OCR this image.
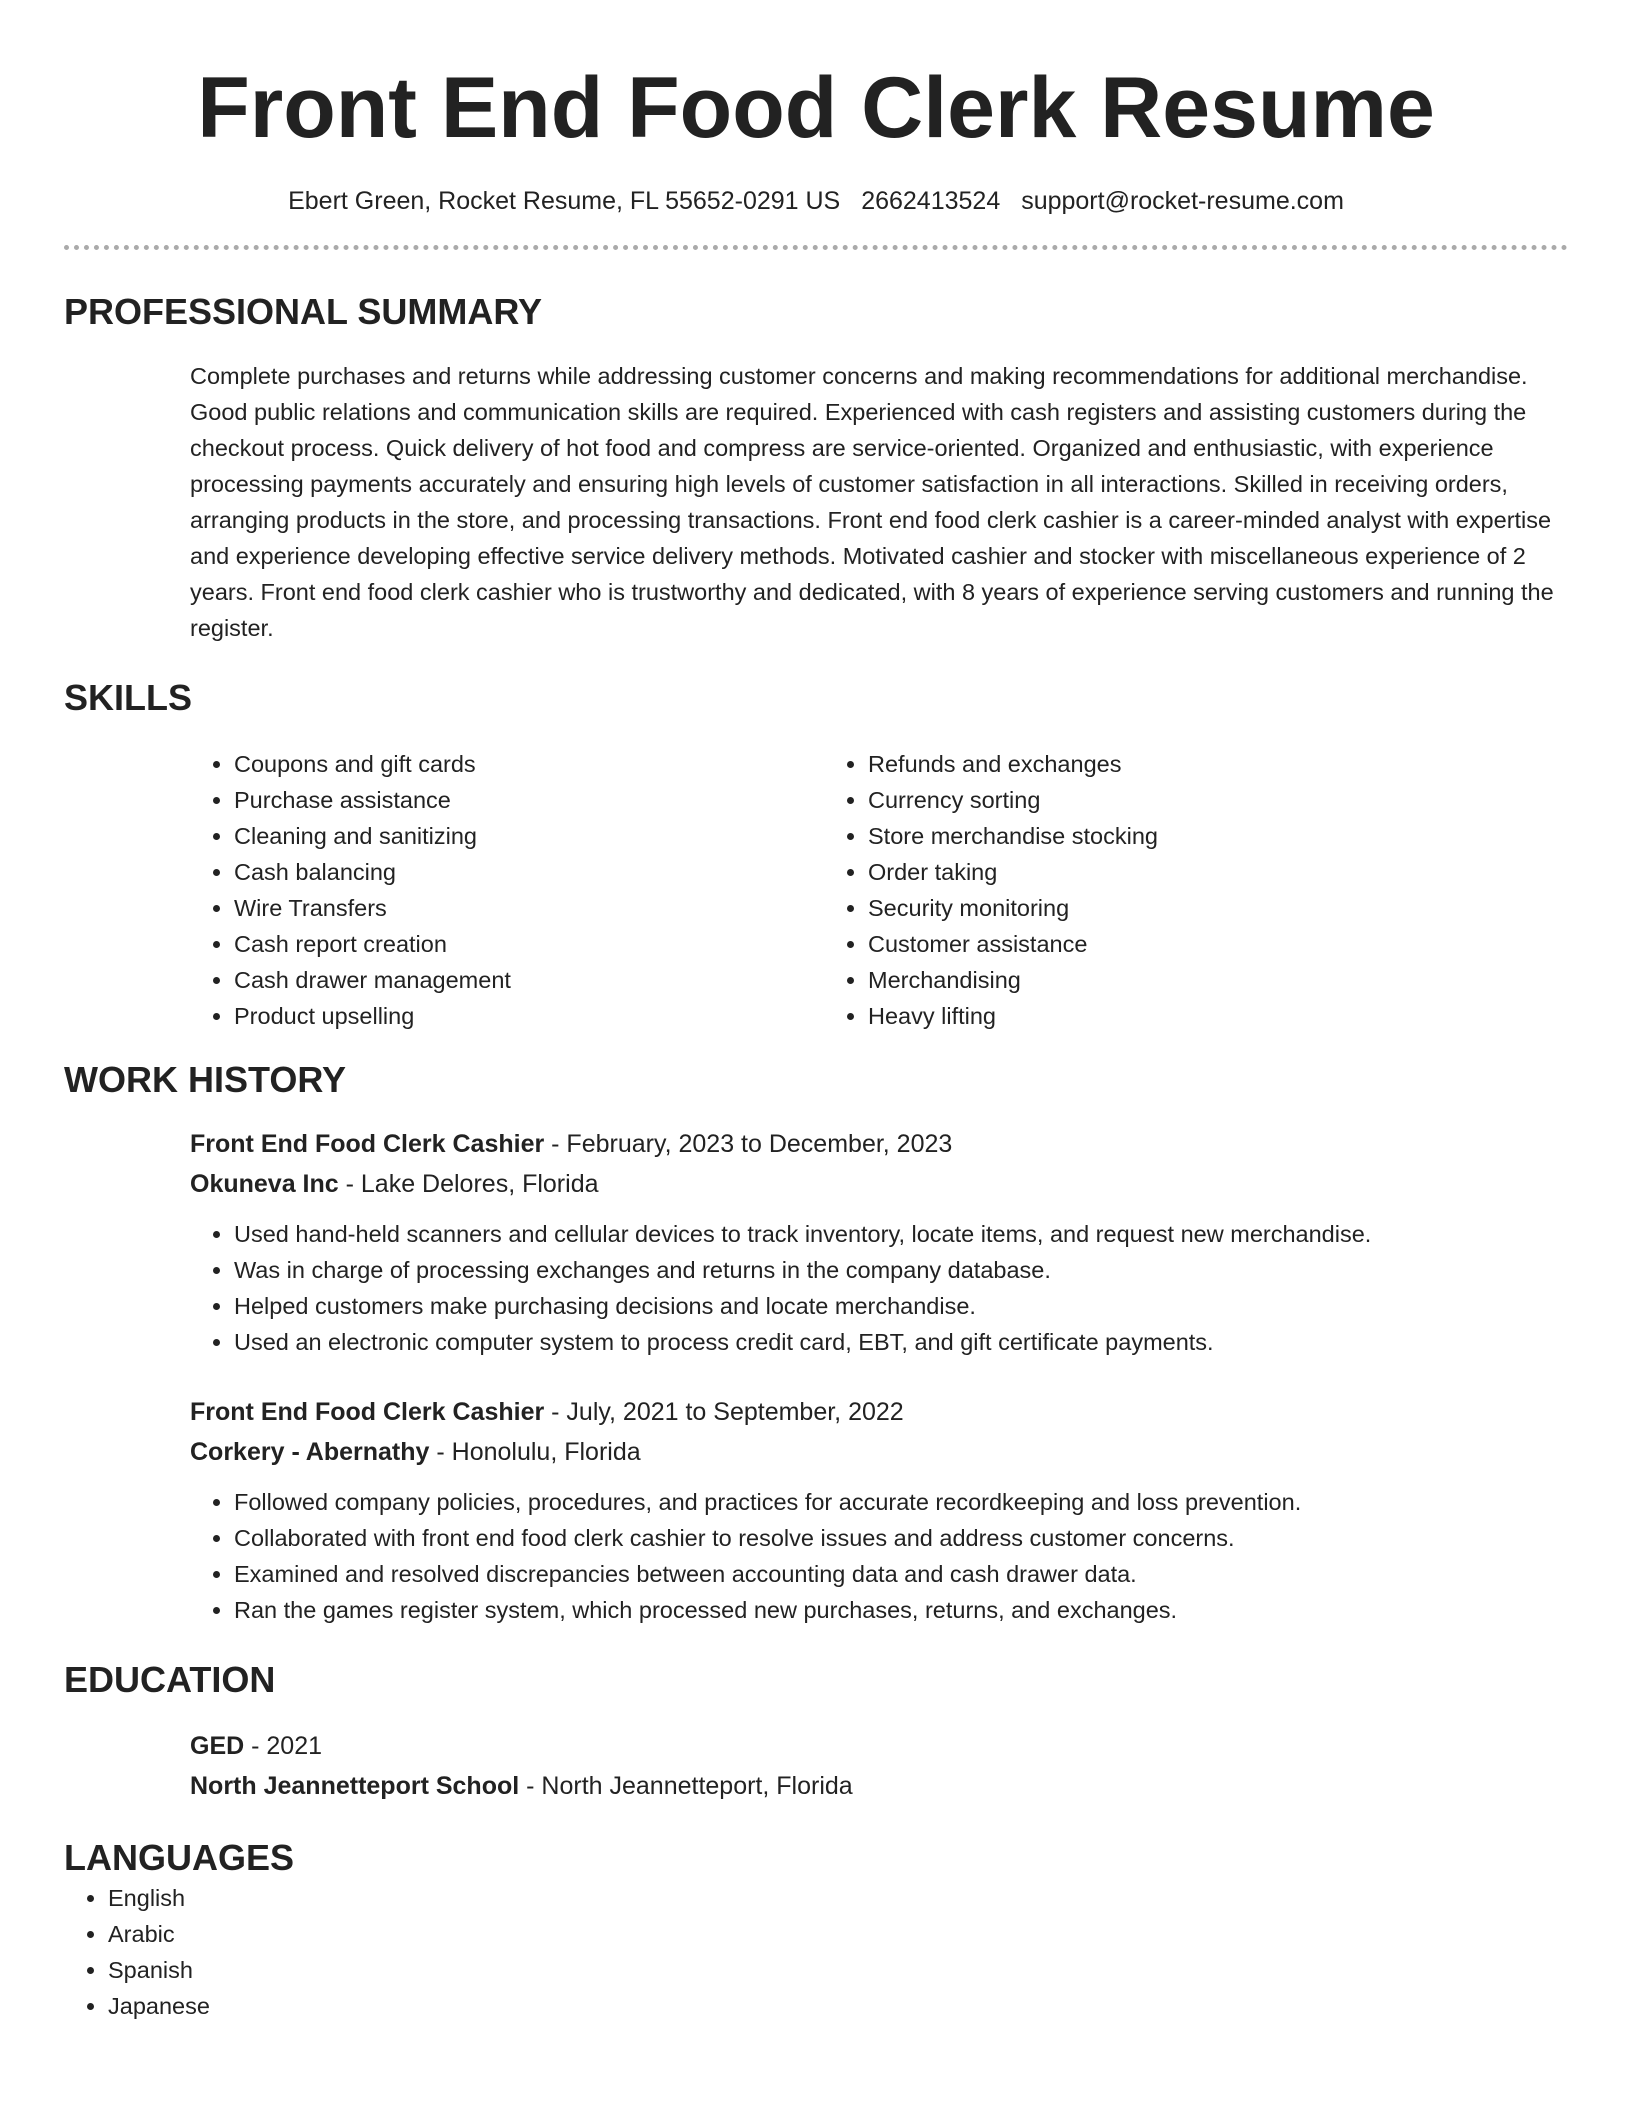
Front End Food Clerk Resume
Ebert Green, Rocket Resume, FL 55652-0291 US 2662413524 support@rocket-resume.com
PROFESSIONAL SUMMARY

Complete purchases and returns while addressing customer concerns and making recommendations for additional merchandise. Good public relations and communication skills are required. Experienced with cash registers and assisting customers during the checkout process. Quick delivery of hot food and compress are service-oriented. Organized and enthusiastic, with experience processing payments accurately and ensuring high levels of customer satisfaction in all interactions. Skilled in receiving orders, arranging products in the store, and processing transactions. Front end food clerk cashier is a career-minded analyst with expertise and experience developing effective service delivery methods. Motivated cashier and stocker with miscellaneous experience of 2 years. Front end food clerk cashier who is trustworthy and dedicated, with 8 years of experience serving customers and running the register.

SKILLS
• Coupons and gift cards
• Purchase assistance
• Cleaning and sanitizing
• Cash balancing
• Wire Transfers
• Cash report creation
• Cash drawer management
• Product upselling
• Refunds and exchanges
• Currency sorting
• Store merchandise stocking
• Order taking
• Security monitoring
• Customer assistance
• Merchandising
• Heavy lifting
WORK HISTORY
Front End Food Clerk Cashier - February, 2023 to December, 2023
Okuneva Inc - Lake Delores, Florida
• Used hand-held scanners and cellular devices to track inventory, locate items, and request new merchandise.
• Was in charge of processing exchanges and returns in the company database.
• Helped customers make purchasing decisions and locate merchandise.
• Used an electronic computer system to process credit card, EBT, and gift certificate payments.
Front End Food Clerk Cashier - July, 2021 to September, 2022
Corkery - Abernathy - Honolulu, Florida
• Followed company policies, procedures, and practices for accurate recordkeeping and loss prevention.
• Collaborated with front end food clerk cashier to resolve issues and address customer concerns.
• Examined and resolved discrepancies between accounting data and cash drawer data.
• Ran the games register system, which processed new purchases, returns, and exchanges.
EDUCATION
GED - 2021
North Jeannetteport School - North Jeannetteport, Florida
LANGUAGES
• English
• Arabic
• Spanish
• Japanese
